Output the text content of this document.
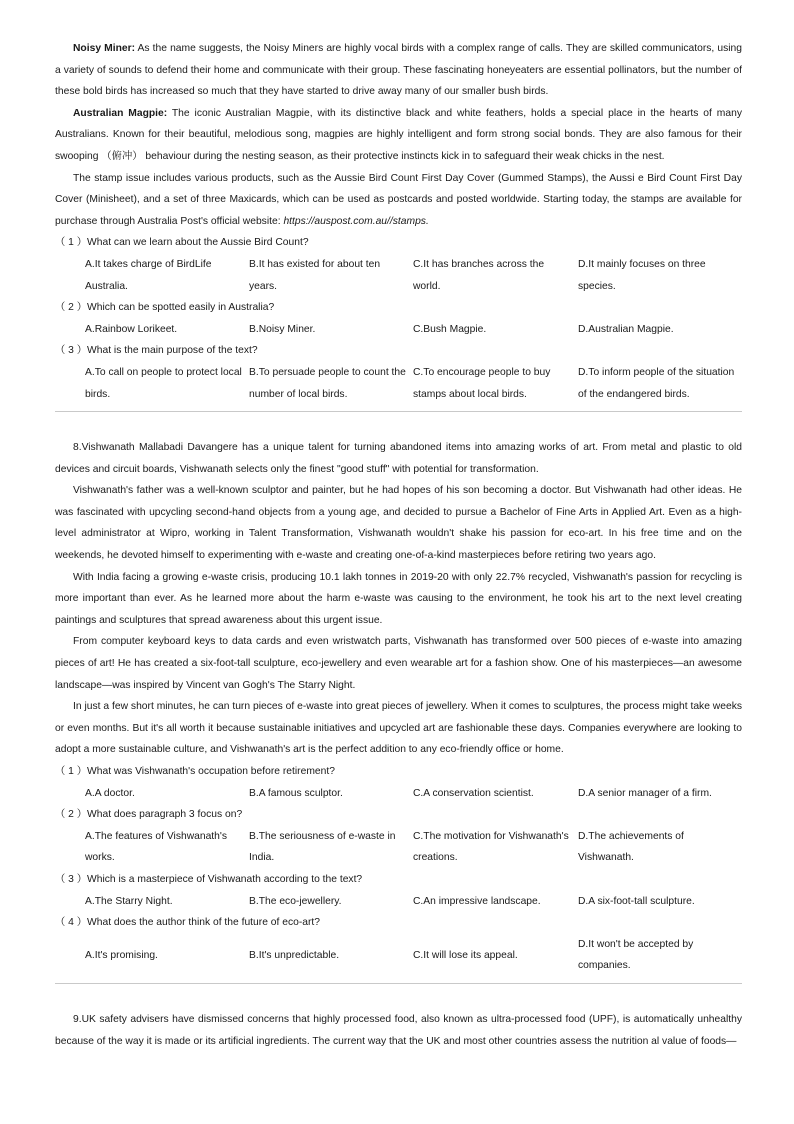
Noisy Miner: As the name suggests, the Noisy Miners are highly vocal birds with a complex range of calls. They are skilled communicators, using a variety of sounds to defend their home and communicate with their group. These fascinating honeyeaters are essential pollinators, but the number of these bold birds has increased so much that they have started to drive away many of our smaller bush birds.

Australian Magpie: The iconic Australian Magpie, with its distinctive black and white feathers, holds a special place in the hearts of many Australians. Known for their beautiful, melodious song, magpies are highly intelligent and form strong social bonds. They are also famous for their swooping （俯冲） behaviour during the nesting season, as their protective instincts kick in to safeguard their weak chicks in the nest.

The stamp issue includes various products, such as the Aussie Bird Count First Day Cover (Gummed Stamps), the Aussi e Bird Count First Day Cover (Minisheet), and a set of three Maxicards, which can be used as postcards and posted worldwide. Starting today, the stamps are available for purchase through Australia Post's official website: https://auspost.com.au//stamps.

（ 1 ）What can we learn about the Aussie Bird Count?

A.It takes charge of BirdLife Australia.
B.It has existed for about ten years.
C.It has branches across the world.
D.It mainly focuses on three species.

（ 2 ）Which can be spotted easily in Australia?

A.Rainbow Lorikeet.	B.Noisy Miner.	C.Bush Magpie.	D.Australian Magpie.

（ 3 ）What is the main purpose of the text?

A.To call on people to protect local birds.
B.To persuade people to count the number of local birds.
C.To encourage people to buy stamps about local birds.
D.To inform people of the situation of the endangered birds.

8.Vishwanath Mallabadi Davangere has a unique talent for turning abandoned items into amazing works of art. From metal and plastic to old devices and circuit boards, Vishwanath selects only the finest "good stuff" with potential for transformation.

Vishwanath's father was a well-known sculptor and painter, but he had hopes of his son becoming a doctor. But Vishwanath had other ideas. He was fascinated with upcycling second-hand objects from a young age, and decided to pursue a Bachelor of Fine Arts in Applied Art. Even as a high-level administrator at Wipro, working in Talent Transformation, Vishwanath wouldn't shake his passion for eco-art. In his free time and on the weekends, he devoted himself to experimenting with e-waste and creating one-of-a-kind masterpieces before retiring two years ago.

With India facing a growing e-waste crisis, producing 10.1 lakh tonnes in 2019-20 with only 22.7% recycled, Vishwanath's passion for recycling is more important than ever. As he learned more about the harm e-waste was causing to the environment, he took his art to the next level creating paintings and sculptures that spread awareness about this urgent issue.

From computer keyboard keys to data cards and even wristwatch parts, Vishwanath has transformed over 500 pieces of e-waste into amazing pieces of art! He has created a six-foot-tall sculpture, eco-jewellery and even wearable art for a fashion show. One of his masterpieces—an awesome landscape—was inspired by Vincent van Gogh's The Starry Night.

In just a few short minutes, he can turn pieces of e-waste into great pieces of jewellery. When it comes to sculptures, the process might take weeks or even months. But it's all worth it because sustainable initiatives and upcycled art are fashionable these days. Companies everywhere are looking to adopt a more sustainable culture, and Vishwanath's art is the perfect addition to any eco-friendly office or home.

（ 1 ）What was Vishwanath's occupation before retirement?

A.A doctor.	B.A famous sculptor.	C.A conservation scientist.	D.A senior manager of a firm.

（ 2 ）What does paragraph 3 focus on?

A.The features of Vishwanath's works.
B.The seriousness of e-waste in India.
C.The motivation for Vishwanath's creations.
D.The achievements of Vishwanath.

（ 3 ）Which is a masterpiece of Vishwanath according to the text?

A.The Starry Night.	B.The eco-jewellery.	C.An impressive landscape.	D.A six-foot-tall sculpture.

（ 4 ）What does the author think of the future of eco-art?

A.It's promising.	B.It's unpredictable.	C.It will lose its appeal.
D.It won't be accepted by companies.

9.UK safety advisers have dismissed concerns that highly processed food, also known as ultra-processed food (UPF), is automatically unhealthy because of the way it is made or its artificial ingredients. The current way that the UK and most other countries assess the nutrition al value of foods—
